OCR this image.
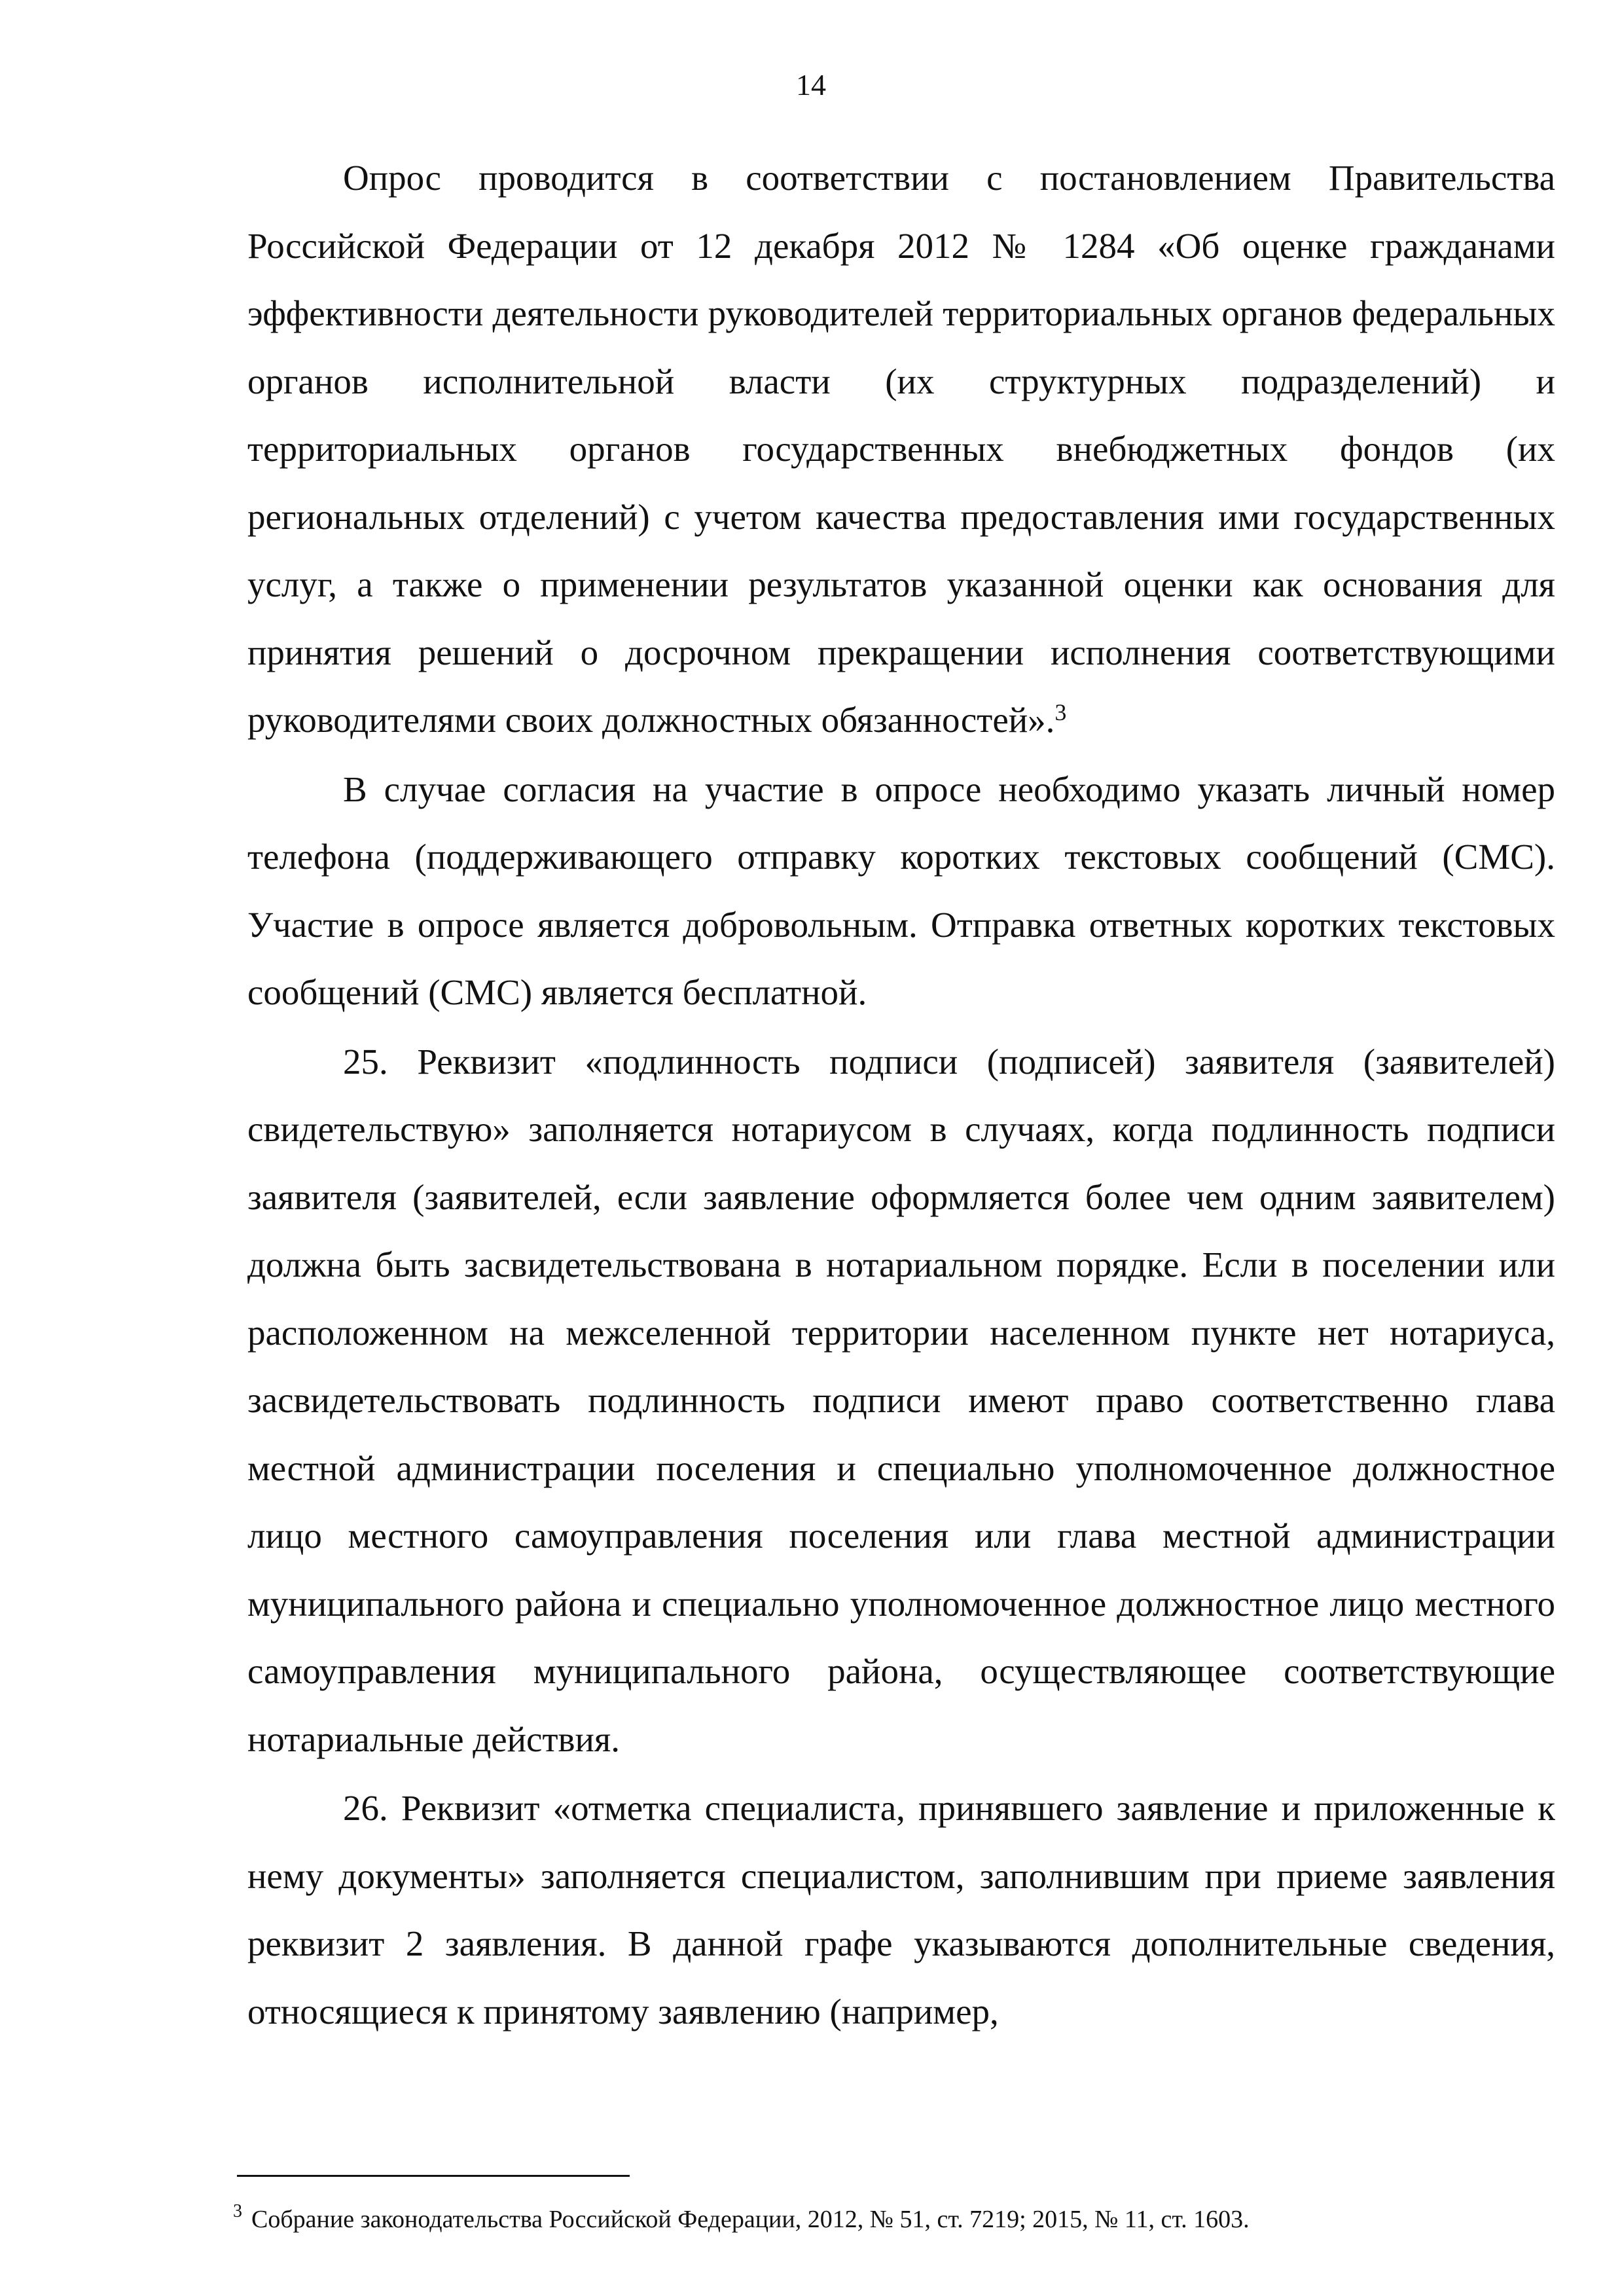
14

Опрос проводится в соответствии с постановлением Правительства Российской Федерации от 12 декабря 2012 № 1284 «Об оценке гражданами эффективности деятельности руководителей территориальных органов федеральных органов исполнительной власти (их структурных подразделений) и территориальных органов государственных внебюджетных фондов (их региональных отделений) с учетом качества предоставления ими государственных услуг, а также о применении результатов указанной оценки как основания для принятия решений о досрочном прекращении исполнения соответствующими руководителями своих должностных обязанностей».$^3$

В случае согласия на участие в опросе необходимо указать личный номер телефона (поддерживающего отправку коротких текстовых сообщений (СМС). Участие в опросе является добровольным. Отправка ответных коротких текстовых сообщений (СМС) является бесплатной.

25. Реквизит «подлинность подписи (подписей) заявителя (заявителей) свидетельствую» заполняется нотариусом в случаях, когда подлинность подписи заявителя (заявителей, если заявление оформляется более чем одним заявителем) должна быть засвидетельствована в нотариальном порядке. Если в поселении или расположенном на межселенной территории населенном пункте нет нотариуса, засвидетельствовать подлинность подписи имеют право соответственно глава местной администрации поселения и специально уполномоченное должностное лицо местного самоуправления поселения или глава местной администрации муниципального района и специально уполномоченное должностное лицо местного самоуправления муниципального района, осуществляющее соответствующие нотариальные действия.

26. Реквизит «отметка специалиста, принявшего заявление и приложенные к нему документы» заполняется специалистом, заполнившим при приеме заявления реквизит 2 заявления. В данной графе указываются дополнительные сведения, относящиеся к принятому заявлению (например,

$^3$ Собрание законодательства Российской Федерации, 2012, № 51, ст. 7219; 2015, № 11, ст. 1603.
